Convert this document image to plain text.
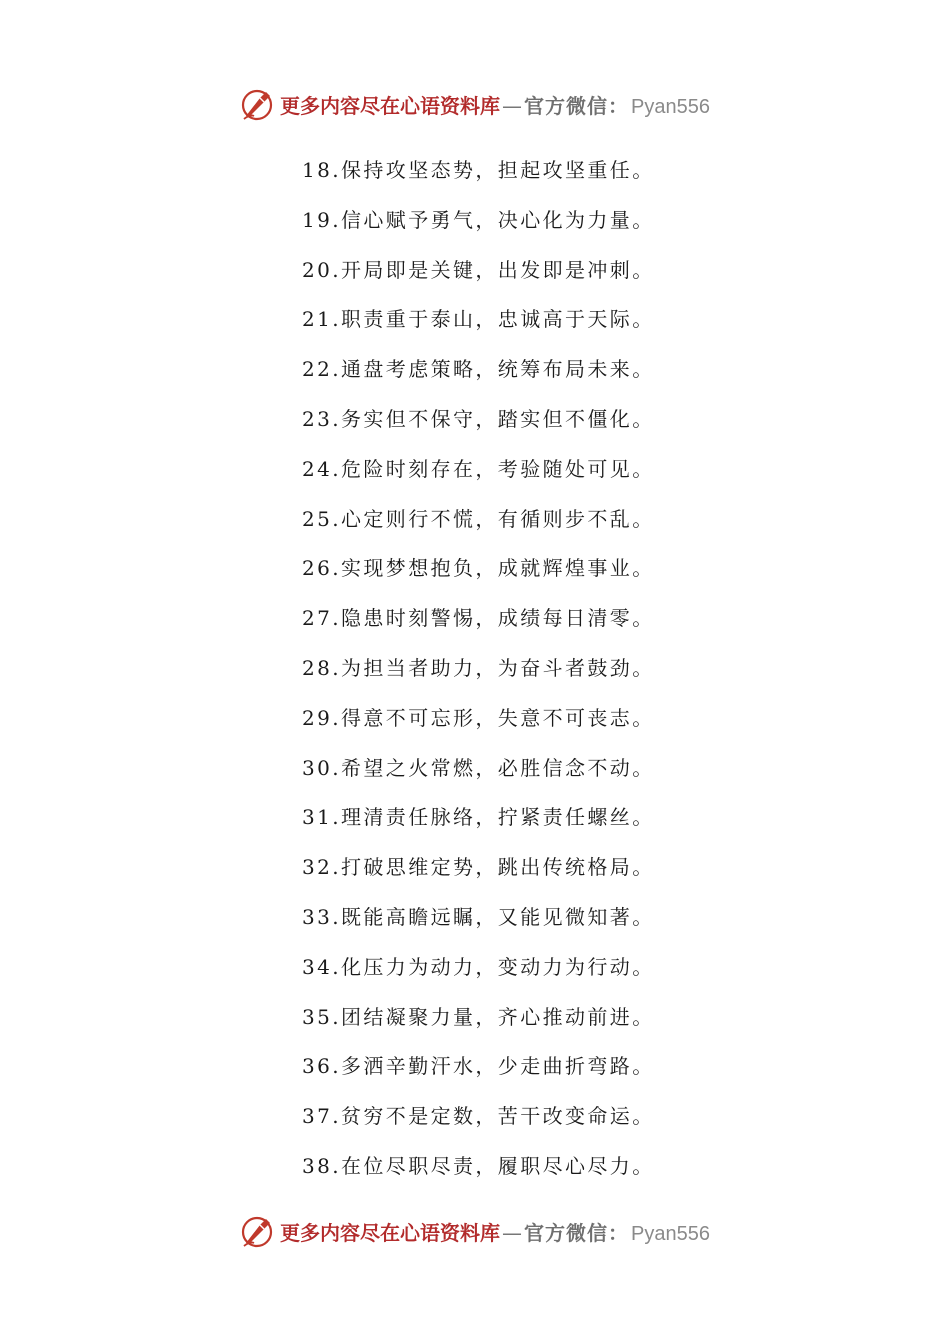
更多内容尽在心语资料库 — 官方微信： Pyan556
18.保持攻坚态势，担起攻坚重任。
19.信心赋予勇气，决心化为力量。
20.开局即是关键，出发即是冲刺。
21.职责重于泰山，忠诚高于天际。
22.通盘考虑策略，统筹布局未来。
23.务实但不保守，踏实但不僵化。
24.危险时刻存在，考验随处可见。
25.心定则行不慌，有循则步不乱。
26.实现梦想抱负，成就辉煌事业。
27.隐患时刻警惕，成绩每日清零。
28.为担当者助力，为奋斗者鼓劲。
29.得意不可忘形，失意不可丧志。
30.希望之火常燃，必胜信念不动。
31.理清责任脉络，拧紧责任螺丝。
32.打破思维定势，跳出传统格局。
33.既能高瞻远瞩，又能见微知著。
34.化压力为动力，变动力为行动。
35.团结凝聚力量，齐心推动前进。
36.多洒辛勤汗水，少走曲折弯路。
37.贫穷不是定数，苦干改变命运。
38.在位尽职尽责，履职尽心尽力。
更多内容尽在心语资料库 — 官方微信： Pyan556
